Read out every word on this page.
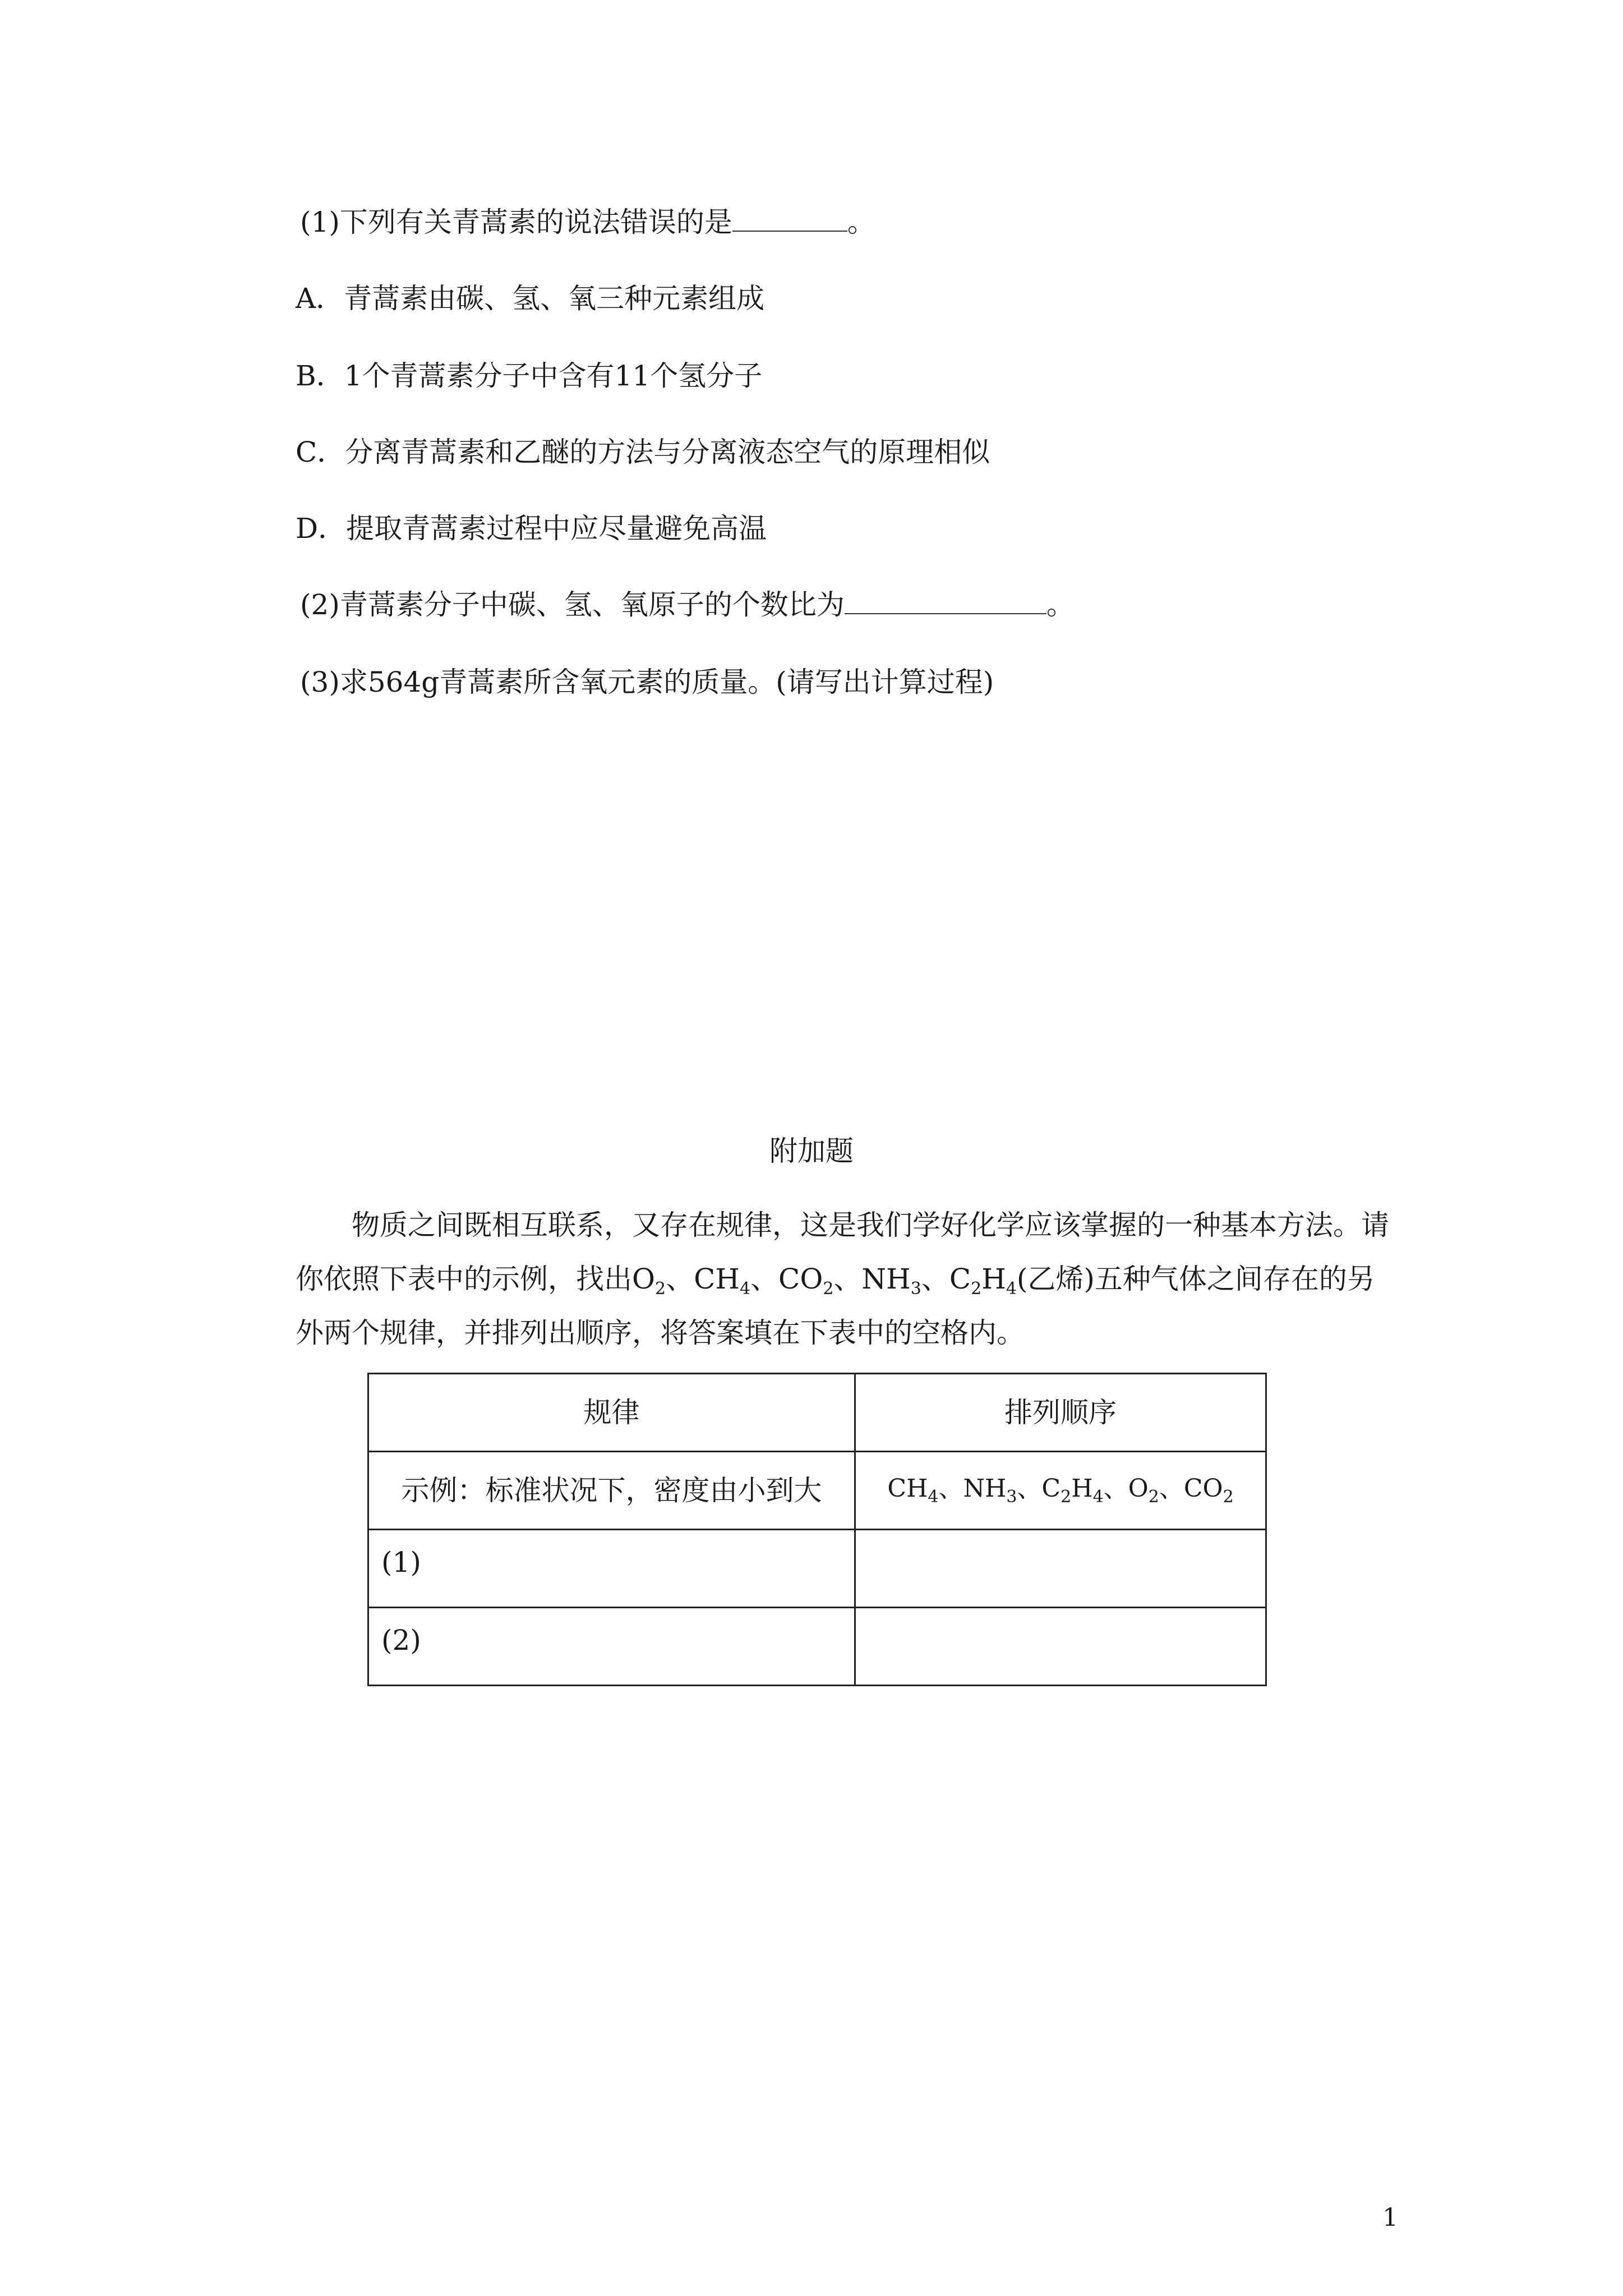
(1)下列有关青蒿素的说法错误的是	。
A．青蒿素由碳、氢、氧三种元素组成
B．1个青蒿素分子中含有11个氢分子
C．分离青蒿素和乙醚的方法与分离液态空气的原理相似
D．提取青蒿素过程中应尽量避免高温
(2)青蒿素分子中碳、氢、氧原子的个数比为	。
(3)求564g青蒿素所含氧元素的质量。(请写出计算过程)
附加题
物质之间既相互联系，又存在规律，这是我们学好化学应该掌握的一种基本方法。请你依照下表中的示例，找出$O_2$、$CH_4$、$CO_2$、$NH_3$、$C_2H_4$(乙烯)五种气体之间存在的另外两个规律，并排列出顺序，将答案填在下表中的空格内。
规律	排列顺序

示例：标准状况下，密度由小到大	$CH_4$、$NH_3$、$C_2H_4$、$O_2$、$CO_2$

(1)	

(2)	

1
